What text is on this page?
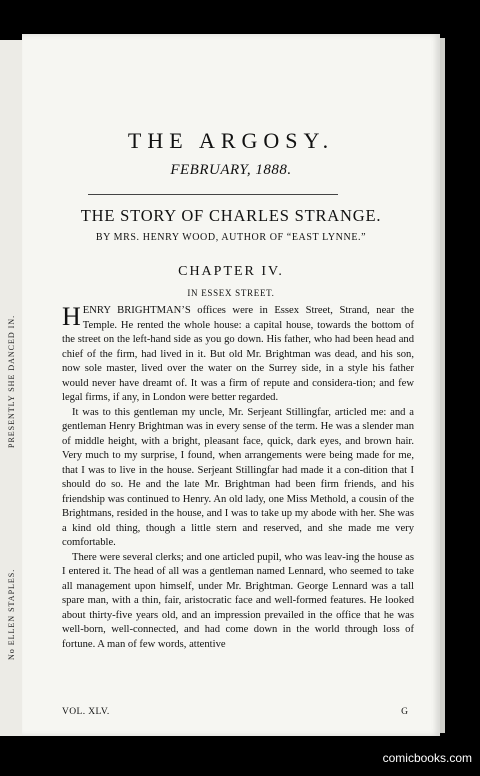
PRESENTLY SHE DANCED IN.
No ELLEN STAPLES.
THE ARGOSY.
FEBRUARY, 1888.
THE STORY OF CHARLES STRANGE.
BY MRS. HENRY WOOD, AUTHOR OF “EAST LYNNE.”
CHAPTER IV.
IN ESSEX STREET.

HENRY BRIGHTMAN’S offices were in Essex Street, Strand, near the Temple. He rented the whole house: a capital house, towards the bottom of the street on the left-hand side as you go down. His father, who had been head and chief of the firm, had lived in it. But old Mr. Brightman was dead, and his son, now sole master, lived over the water on the Surrey side, in a style his father would never have dreamt of. It was a firm of repute and considera-tion; and few legal firms, if any, in London were better regarded.

It was to this gentleman my uncle, Mr. Serjeant Stillingfar, articled me: and a gentleman Henry Brightman was in every sense of the term. He was a slender man of middle height, with a bright, pleasant face, quick, dark eyes, and brown hair. Very much to my surprise, I found, when arrangements were being made for me, that I was to live in the house. Serjeant Stillingfar had made it a con-dition that I should do so. He and the late Mr. Brightman had been firm friends, and his friendship was continued to Henry. An old lady, one Miss Methold, a cousin of the Brightmans, resided in the house, and I was to take up my abode with her. She was a kind old thing, though a little stern and reserved, and she made me very comfortable.

There were several clerks; and one articled pupil, who was leav-ing the house as I entered it. The head of all was a gentleman named Lennard, who seemed to take all management upon himself, under Mr. Brightman. George Lennard was a tall spare man, with a thin, fair, aristocratic face and well-formed features. He looked about thirty-five years old, and an impression prevailed in the office that he was well-born, well-connected, and had come down in the world through loss of fortune. A man of few words, attentive

VOL. XLV.	G
comicbooks.com
